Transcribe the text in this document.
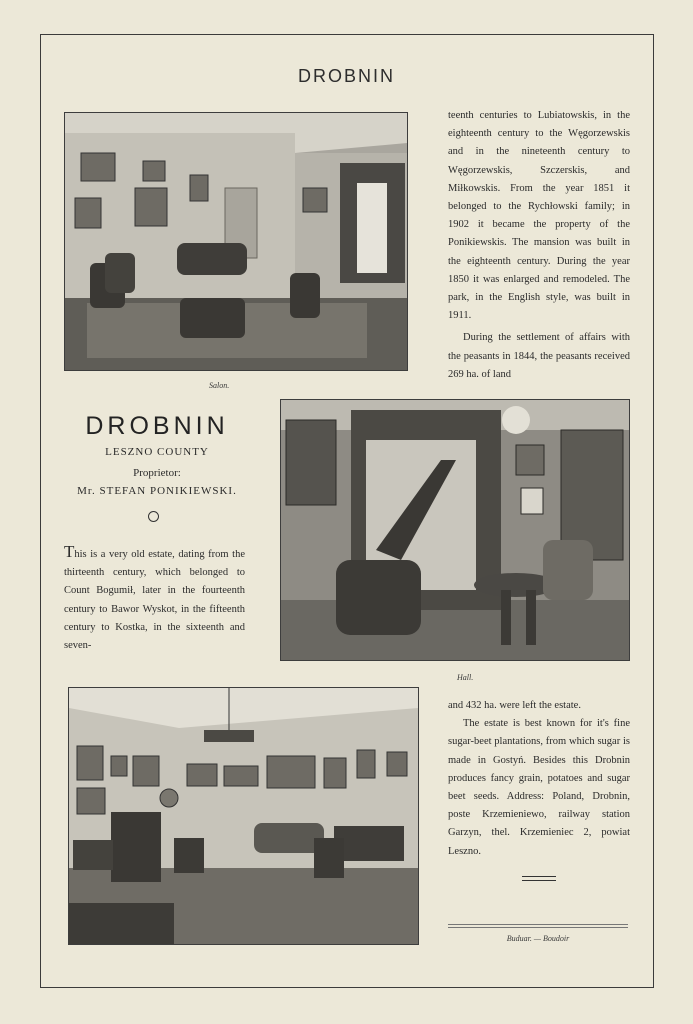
DROBNIN
Salon.

teenth centuries to Lubiatowskis, in the eighteenth century to the Węgorzewskis and in the nineteenth century to Węgorzewskis, Szczerskis, and Miłkowskis. From the year 1851 it belonged to the Rychłowski family; in 1902 it became the property of the Ponikiewskis. The mansion was built in the eighteenth century. During the year 1850 it was enlarged and remodeled. The park, in the English style, was built in 1911.

During the settlement of affairs with the peasants in 1844, the peasants received 269 ha. of land

DROBNIN
LESZNO COUNTY
Proprietor:
Mr. STEFAN PONIKIEWSKI.

This is a very old estate, dating from the thirteenth century, which belonged to Count Bogumił, later in the fourteenth century to Bawor Wyskot, in the fifteenth century to Kostka, in the sixteenth and seven-

Hall.

and 432 ha. were left the estate.

The estate is best known for it's fine sugar-beet plantations, from which sugar is made in Gostyń. Besides this Drobnin produces fancy grain, potatoes and sugar beet seeds. Address: Poland, Drobnin, poste Krzemieniewo, railway station Garzyn, thel. Krzemieniec 2, powiat Leszno.

Buduar. — Boudoir
